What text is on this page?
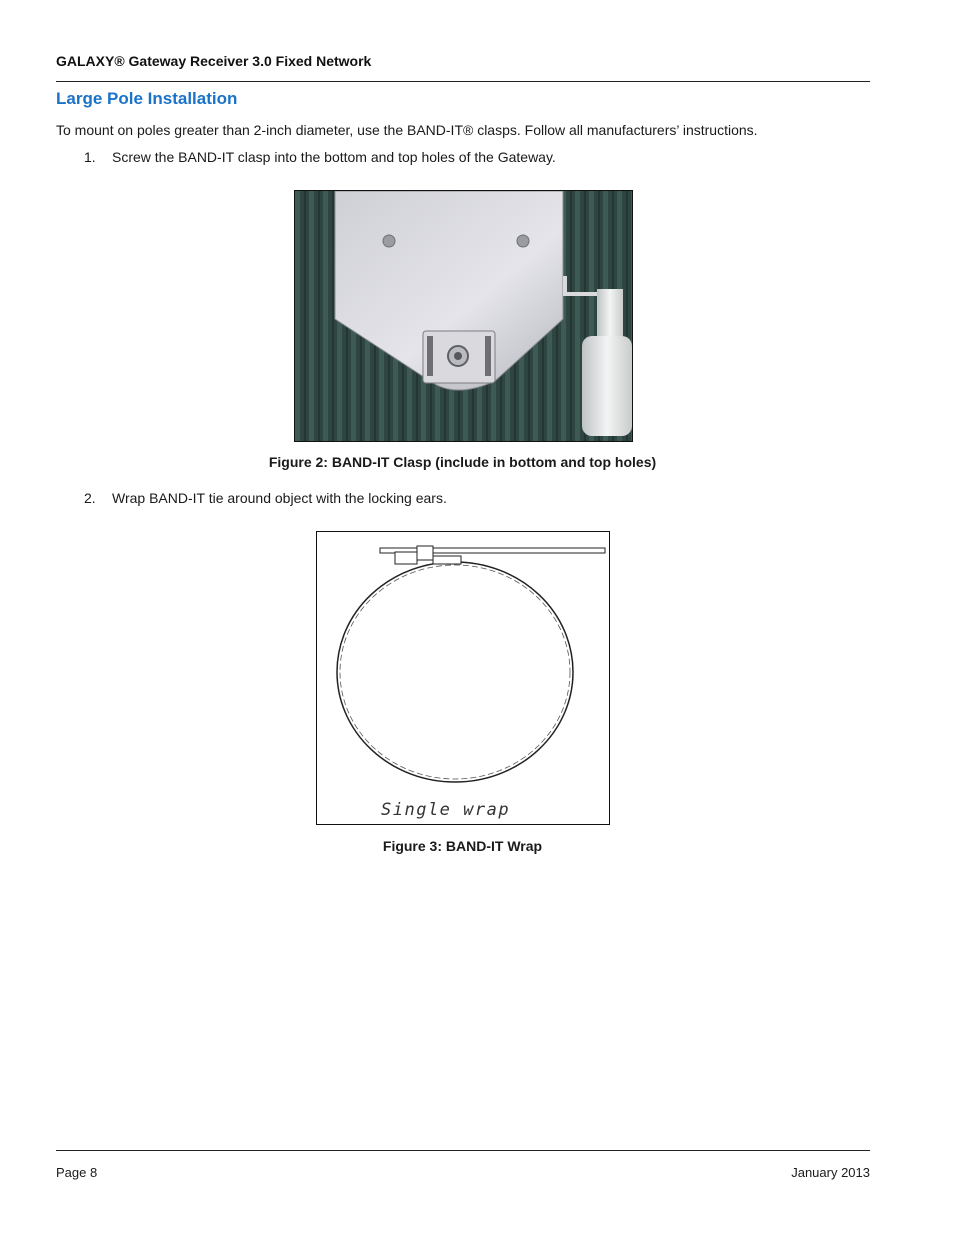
GALAXY® Gateway Receiver 3.0 Fixed Network
Large Pole Installation
To mount on poles greater than 2-inch diameter, use the BAND-IT® clasps. Follow all manufacturers’ instructions.
1. Screw the BAND-IT clasp into the bottom and top holes of the Gateway.
Figure 2: BAND-IT Clasp (include in bottom and top holes)
2. Wrap BAND-IT tie around object with the locking ears.
Single wrap
Figure 3: BAND-IT Wrap
Page 8	January 2013
